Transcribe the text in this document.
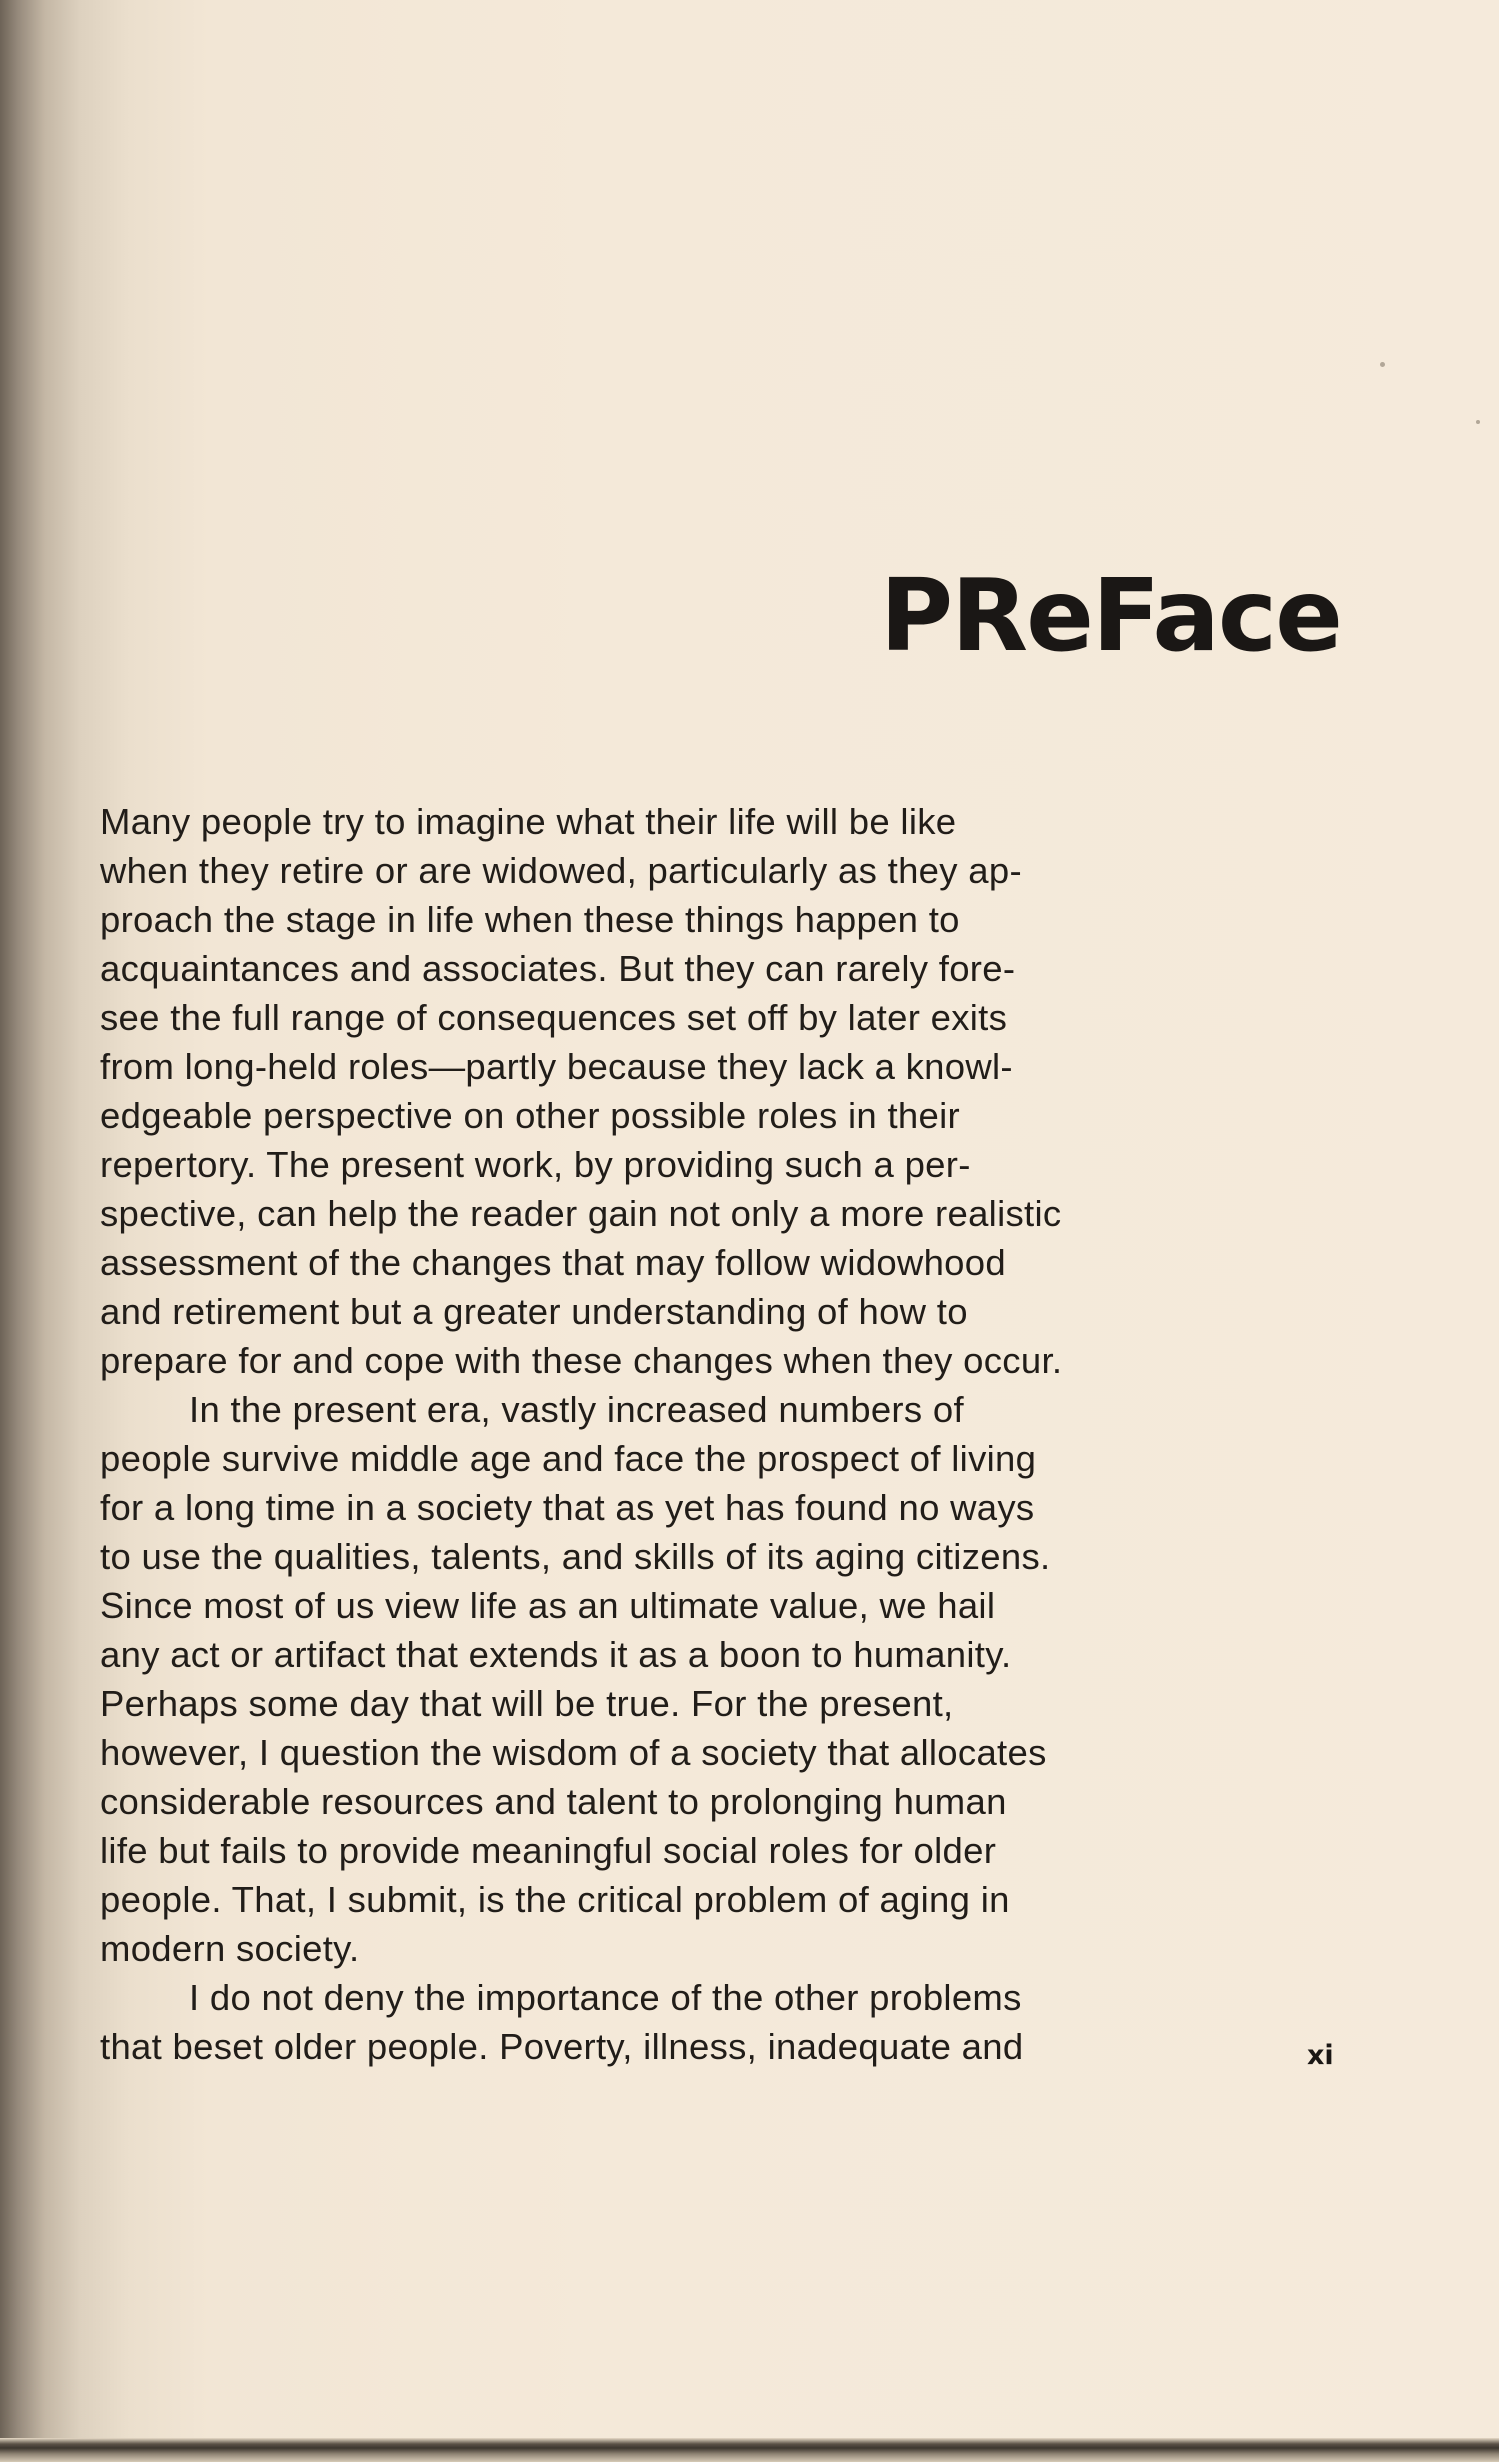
PReFace
Many people try to imagine what their life will be like
when they retire or are widowed, particularly as they ap-
proach the stage in life when these things happen to
acquaintances and associates. But they can rarely fore-
see the full range of consequences set off by later exits
from long-held roles—partly because they lack a knowl-
edgeable perspective on other possible roles in their
repertory. The present work, by providing such a per-
spective, can help the reader gain not only a more realistic
assessment of the changes that may follow widowhood
and retirement but a greater understanding of how to
prepare for and cope with these changes when they occur.
In the present era, vastly increased numbers of
people survive middle age and face the prospect of living
for a long time in a society that as yet has found no ways
to use the qualities, talents, and skills of its aging citizens.
Since most of us view life as an ultimate value, we hail
any act or artifact that extends it as a boon to humanity.
Perhaps some day that will be true. For the present,
however, I question the wisdom of a society that allocates
considerable resources and talent to prolonging human
life but fails to provide meaningful social roles for older
people. That, I submit, is the critical problem of aging in
modern society.
I do not deny the importance of the other problems
that beset older people. Poverty, illness, inadequate and	xi
